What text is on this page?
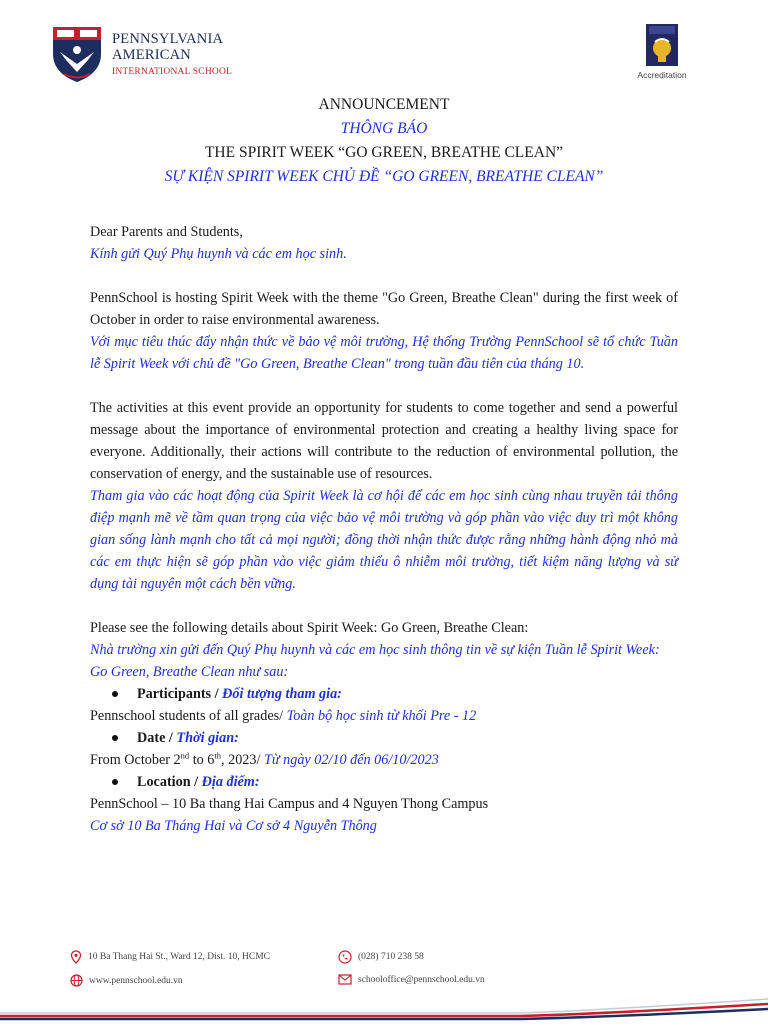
PENNSYLVANIA
AMERICAN
INTERNATIONAL SCHOOL	Accreditation
ANNOUNCEMENT
THÔNG BÁO
THE SPIRIT WEEK “GO GREEN, BREATHE CLEAN”
SỰ KIỆN SPIRIT WEEK CHỦ ĐỀ “GO GREEN, BREATHE CLEAN”

Dear Parents and Students,

Kính gửi Quý Phụ huynh và các em học sinh.

PennSchool is hosting Spirit Week with the theme "Go Green, Breathe Clean" during the first week of October in order to raise environmental awareness.

Với mục tiêu thúc đẩy nhận thức về bảo vệ môi trường, Hệ thống Trường PennSchool sẽ tổ chức Tuần lễ Spirit Week với chủ đề "Go Green, Breathe Clean" trong tuần đầu tiên của tháng 10.

The activities at this event provide an opportunity for students to come together and send a powerful message about the importance of environmental protection and creating a healthy living space for everyone. Additionally, their actions will contribute to the reduction of environmental pollution, the conservation of energy, and the sustainable use of resources.

Tham gia vào các hoạt động của Spirit Week là cơ hội để các em học sinh cùng nhau truyền tải thông điệp mạnh mẽ về tầm quan trọng của việc bảo vệ môi trường và góp phần vào việc duy trì một không gian sống lành mạnh cho tất cả mọi người; đồng thời nhận thức được rằng những hành động nhỏ mà các em thực hiện sẽ góp phần vào việc giảm thiểu ô nhiễm môi trường, tiết kiệm năng lượng và sử dụng tài nguyên một cách bền vững.

Please see the following details about Spirit Week: Go Green, Breathe Clean:

Nhà trường xin gửi đến Quý Phụ huynh và các em học sinh thông tin về sự kiện Tuần lễ Spirit Week: Go Green, Breathe Clean như sau:

Participants /
Đối tượng tham gia:

Pennschool students of all grades/ Toàn bộ học sinh từ khối Pre - 12

Date /
Thời gian:

From October 2nd to 6th, 2023/ Từ ngày 02/10 đến 06/10/2023

Location /
Địa điểm:

PennSchool – 10 Ba thang Hai Campus and 4 Nguyen Thong Campus

Cơ sở 10 Ba Tháng Hai và Cơ sở 4 Nguyễn Thông

10 Ba Thang Hai St., Ward 12, Dist. 10, HCMC	(028) 710 238 58
www.pennschool.edu.vn	schooloffice@pennschool.edu.vn
